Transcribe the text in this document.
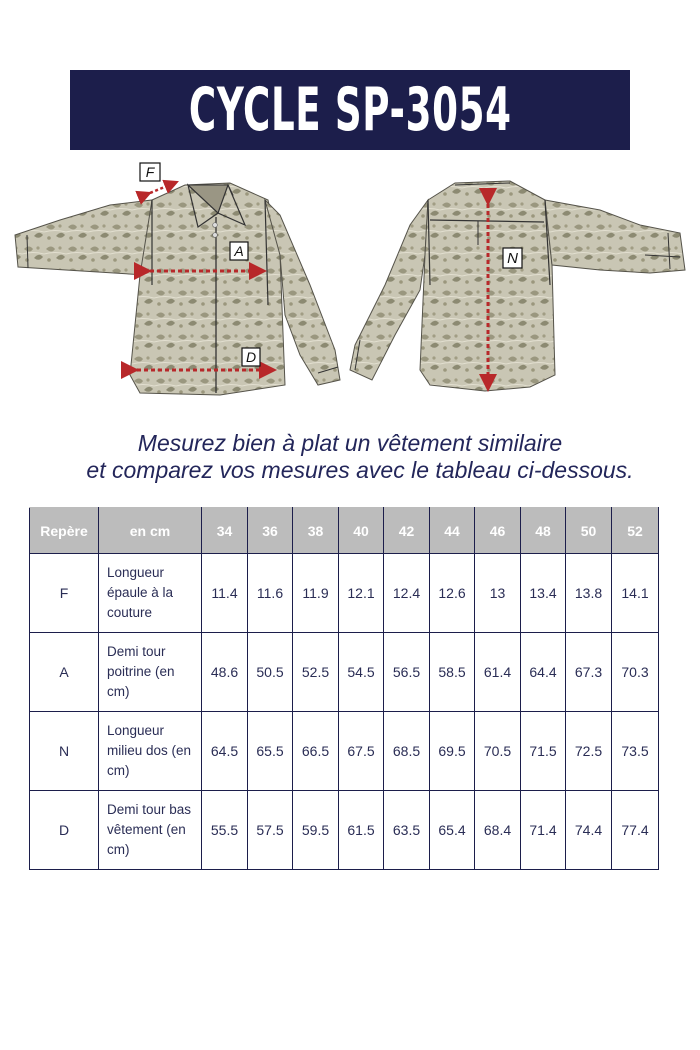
CYCLE SP-3054
F
A
D
N
Mesurez bien à plat un vêtement similaire
et comparez vos mesures avec le tableau ci-dessous.
Repère	en cm	34	36	38	40	42	44	46	48	50	52
F	Longueur épaule à la couture	11.4	11.6	11.9	12.1	12.4	12.6	13	13.4	13.8	14.1
A	Demi tour poitrine (en cm)	48.6	50.5	52.5	54.5	56.5	58.5	61.4	64.4	67.3	70.3
N	Longueur milieu dos (en cm)	64.5	65.5	66.5	67.5	68.5	69.5	70.5	71.5	72.5	73.5
D	Demi tour bas vêtement (en cm)	55.5	57.5	59.5	61.5	63.5	65.4	68.4	71.4	74.4	77.4
